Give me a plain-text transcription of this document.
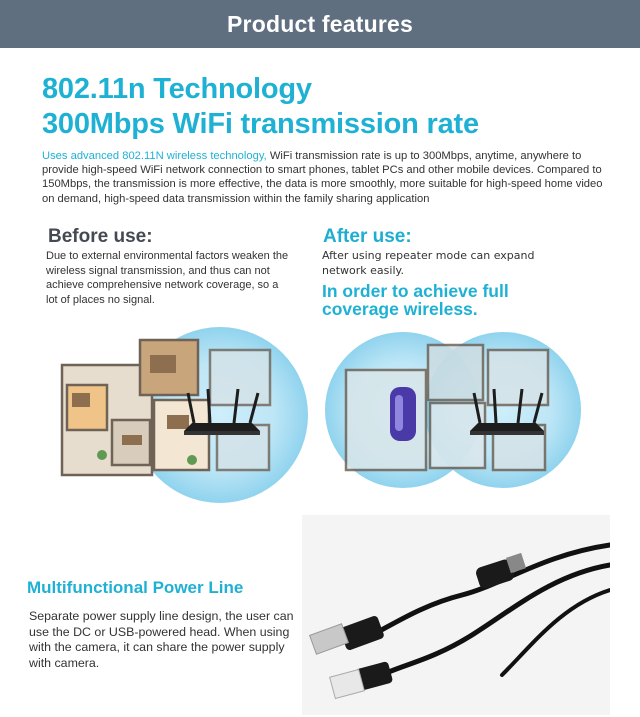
Product features
802.11n Technology
300Mbps WiFi transmission rate

Uses advanced 802.11N wireless technology, WiFi transmission rate is up to 300Mbps, anytime, anywhere to provide high-speed WiFi network connection to smart phones, tablet PCs and other mobile devices. Compared to 150Mbps, the transmission is more effective, the data is more smoothly, more suitable for high-speed home video on demand, high-speed data transmission within the family sharing application

Before use:

Due to external environmental factors weaken the wireless signal transmission, and thus can not achieve comprehensive network coverage, so a lot of places no signal.

After use:

After using repeater mode can expand network easily.

In order to achieve full coverage wireless.
Multifunctional Power Line

Separate power supply line design, the user can use the DC or USB-powered head. When using with the camera, it can share the power supply with camera.
